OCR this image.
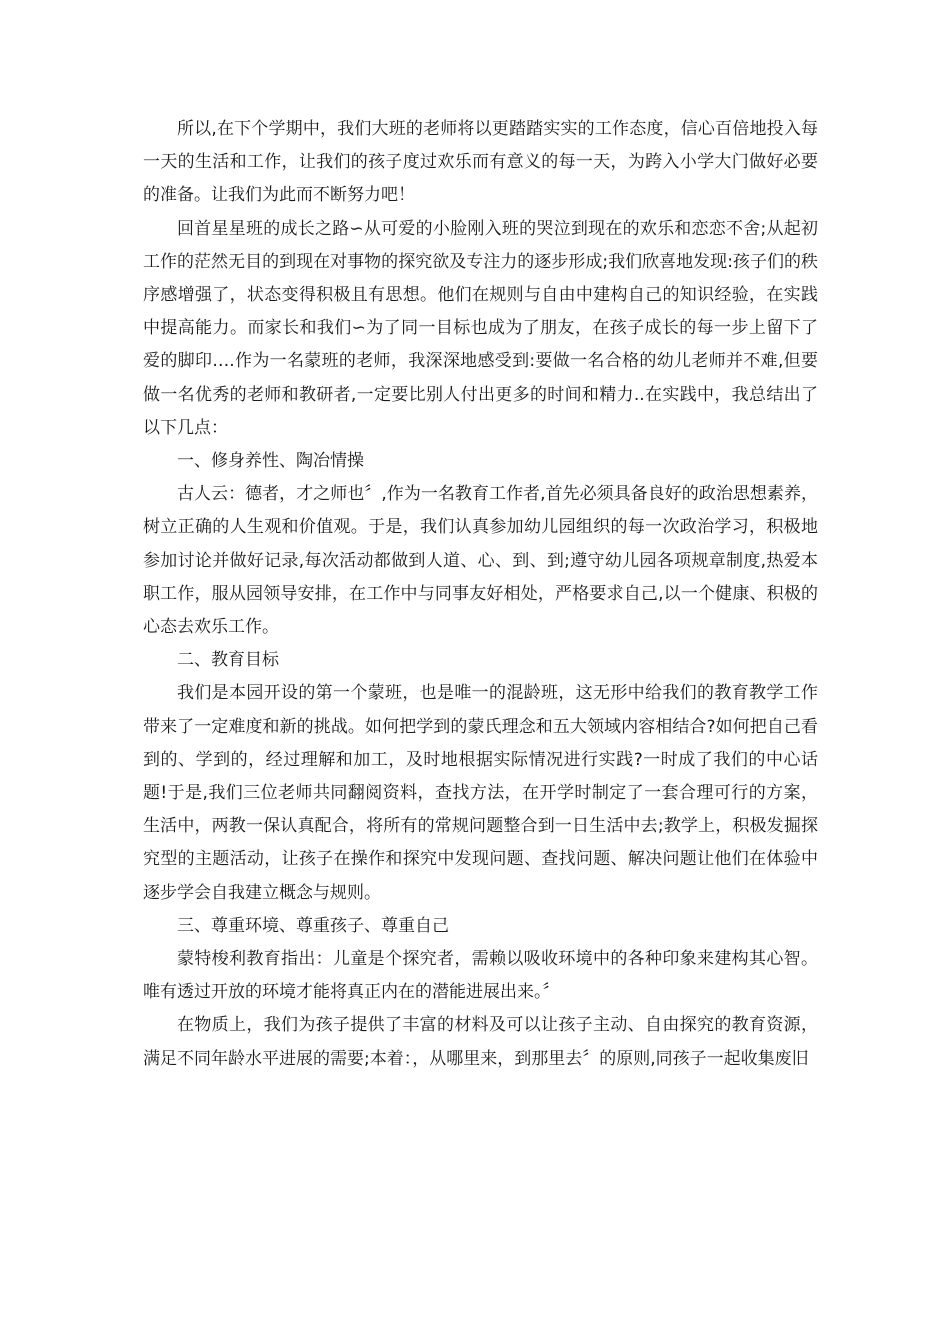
所以,在下个学期中，我们大班的老师将以更踏踏实实的工作态度，信心百倍地投入每一天的生活和工作，让我们的孩子度过欢乐而有意义的每一天，为跨入小学大门做好必要的准备。让我们为此而不断努力吧！

回首星星班的成长之路∽从可爱的小脸刚入班的哭泣到现在的欢乐和恋恋不舍;从起初工作的茫然无目的到现在对事物的探究欲及专注力的逐步形成;我们欣喜地发现:孩子们的秩序感增强了，状态变得积极且有思想。他们在规则与自由中建构自己的知识经验，在实践中提高能力。而家长和我们∽为了同一目标也成为了朋友，在孩子成长的每一步上留下了爱的脚印….作为一名蒙班的老师，我深深地感受到:要做一名合格的幼儿老师并不难,但要做一名优秀的老师和教研者,一定要比别人付出更多的时间和精力..在实践中，我总结出了以下几点：

一、修身养性、陶冶情操

古人云：德者，才之师也〞,作为一名教育工作者,首先必须具备良好的政治思想素养，树立正确的人生观和价值观。于是，我们认真参加幼儿园组织的每一次政治学习，积极地参加讨论并做好记录,每次活动都做到人道、心、到、到;遵守幼儿园各项规章制度,热爱本职工作，服从园领导安排，在工作中与同事友好相处，严格要求自己,以一个健康、积极的心态去欢乐工作。

二、教育目标

我们是本园开设的第一个蒙班，也是唯一的混龄班，这无形中给我们的教育教学工作带来了一定难度和新的挑战。如何把学到的蒙氏理念和五大领域内容相结合?如何把自己看到的、学到的，经过理解和加工，及时地根据实际情况进行实践?一时成了我们的中心话题!于是,我们三位老师共同翻阅资料，查找方法，在开学时制定了一套合理可行的方案，生活中，两教一保认真配合，将所有的常规问题整合到一日生活中去;教学上，积极发掘探究型的主题活动，让孩子在操作和探究中发现问题、查找问题、解决问题让他们在体验中逐步学会自我建立概念与规则。

三、尊重环境、尊重孩子、尊重自己

蒙特梭利教育指出：儿童是个探究者，需赖以吸收环境中的各种印象来建构其心智。唯有透过开放的环境才能将真正内在的潜能进展出来。〞

在物质上，我们为孩子提供了丰富的材料及可以让孩子主动、自由探究的教育资源，满足不同年龄水平进展的需要;本着：，从哪里来，到那里去〞的原则,同孩子一起收集废旧
